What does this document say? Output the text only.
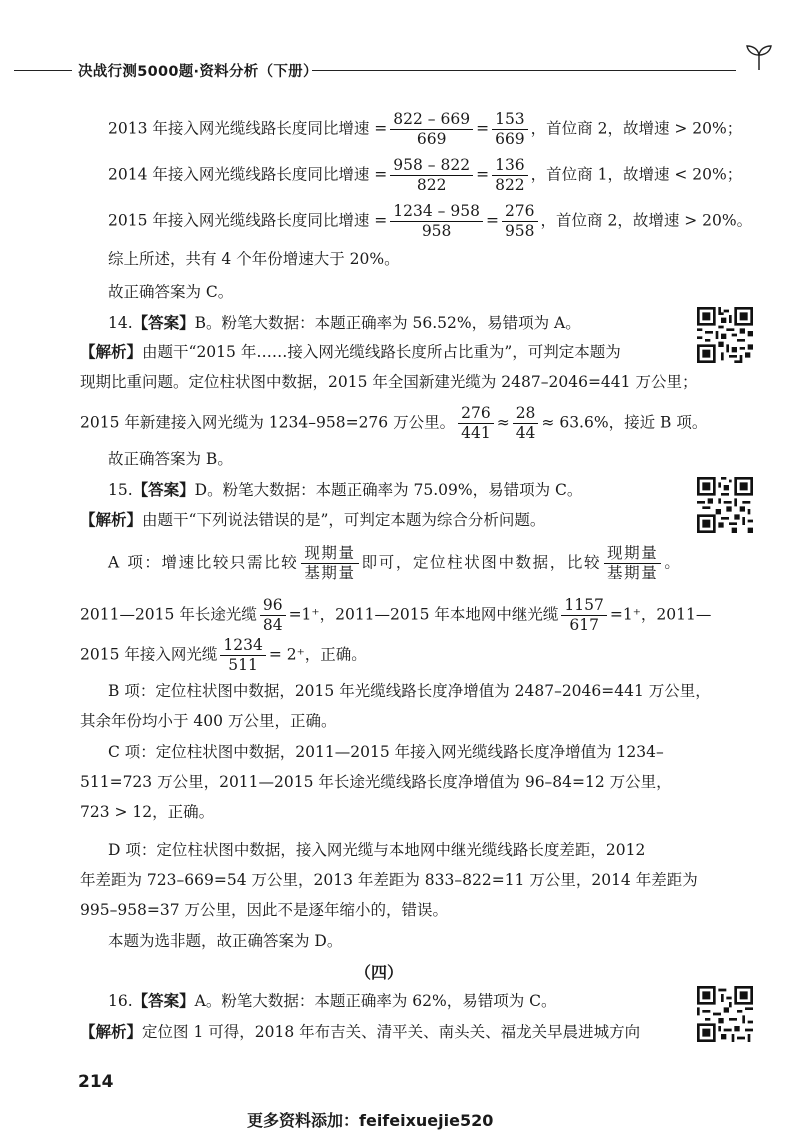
决战行测5000题·资料分析（下册）
2013 年接入网光缆线路长度同比增速 = $\frac{822 - 669}{669} = \frac{153}{669}$ ，首位商 2，故增速 > 20%；
2014 年接入网光缆线路长度同比增速 = $\frac{958 - 822}{822} = \frac{136}{822}$ ，首位商 1，故增速 < 20%；
2015 年接入网光缆线路长度同比增速 = $\frac{1234 - 958}{958} = \frac{276}{958}$ ，首位商 2，故增速 > 20%。
综上所述，共有 4 个年份增速大于 20%。
故正确答案为 C。
14.【答案】B。粉笔大数据：本题正确率为 56.52%，易错项为 A。
【解析】由题干“2015 年……接入网光缆线路长度所占比重为”，可判定本题为
现期比重问题。定位柱状图中数据，2015 年全国新建光缆为 2487–2046=441 万公里；
2015 年新建接入网光缆为 1234–958=276 万公里。 $\frac{276}{441} \approx \frac{28}{44} \approx 63.6\%$，接近 B 项。
故正确答案为 B。
15.【答案】D。粉笔大数据：本题正确率为 75.09%，易错项为 C。
【解析】由题干“下列说法错误的是”，可判定本题为综合分析问题。
A 项：增速比较只需比较 $\frac{\text{现期量}}{\text{基期量}}$ 即可，定位柱状图中数据，比较 $\frac{\text{现期量}}{\text{基期量}}$ 。
2011—2015 年长途光缆 $\frac{96}{84} =1^+$，2011—2015 年本地网中继光缆 $\frac{1157}{617} =1^+$，2011—
2015 年接入网光缆 $\frac{1234}{511} = 2^+$，正确。
B 项：定位柱状图中数据，2015 年光缆线路长度净增值为 2487–2046=441 万公里，
其余年份均小于 400 万公里，正确。
C 项：定位柱状图中数据，2011—2015 年接入网光缆线路长度净增值为 1234–
511=723 万公里，2011—2015 年长途光缆线路长度净增值为 96–84=12 万公里，
723 > 12，正确。
D 项：定位柱状图中数据，接入网光缆与本地网中继光缆线路长度差距，2012
年差距为 723–669=54 万公里，2013 年差距为 833–822=11 万公里，2014 年差距为
995–958=37 万公里，因此不是逐年缩小的，错误。
本题为选非题，故正确答案为 D。
（四）
16.【答案】A。粉笔大数据：本题正确率为 62%，易错项为 C。
【解析】定位图 1 可得，2018 年布吉关、清平关、南头关、福龙关早晨进城方向
214
更多资料添加：feifeixuejie520
